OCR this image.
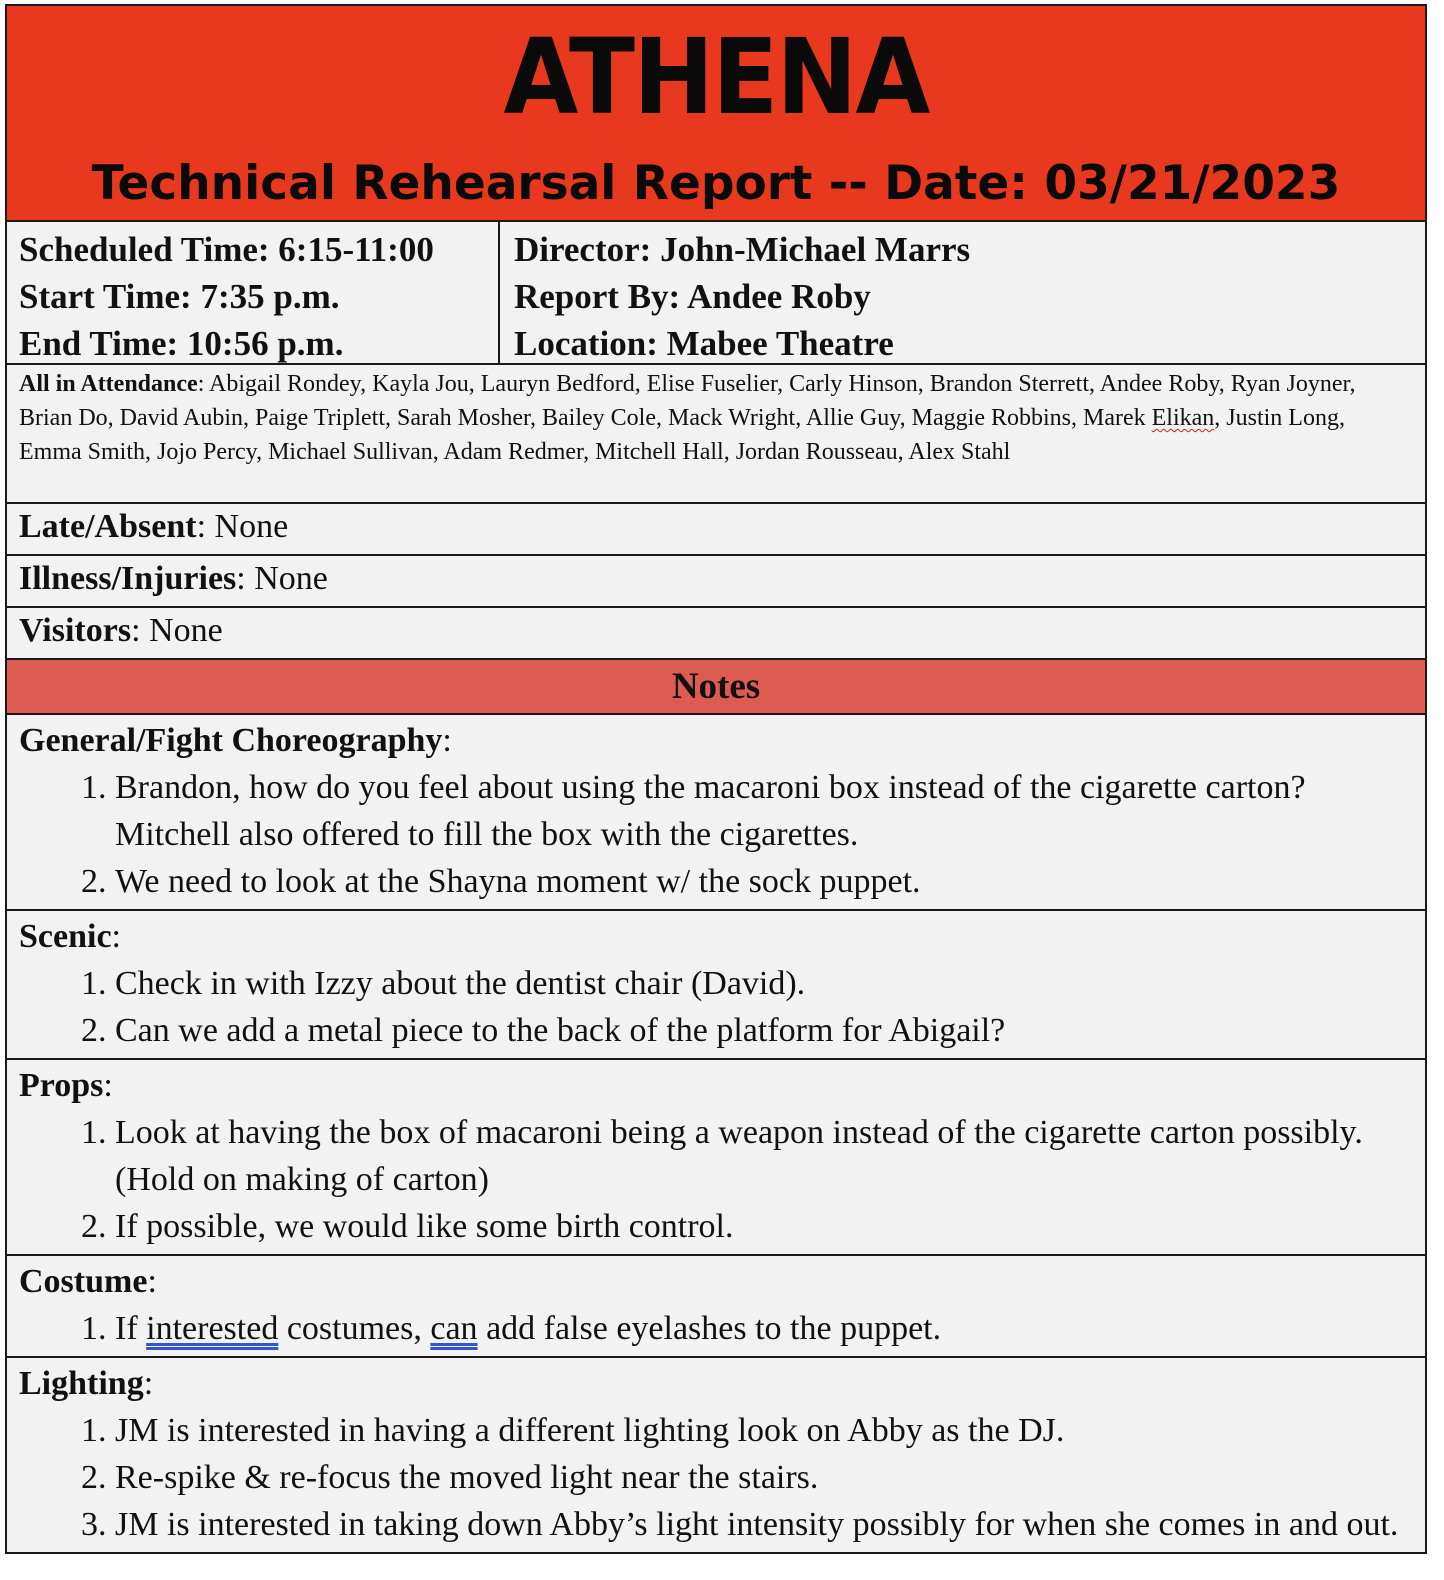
ATHENA
Technical Rehearsal Report -- Date: 03/21/2023
Scheduled Time: 6:15-11:00
Start Time: 7:35 p.m.
End Time: 10:56 p.m.
Director: John-Michael Marrs
Report By: Andee Roby
Location: Mabee Theatre
All in Attendance: Abigail Rondey, Kayla Jou, Lauryn Bedford, Elise Fuselier, Carly Hinson, Brandon Sterrett, Andee Roby, Ryan Joyner, Brian Do, David Aubin, Paige Triplett, Sarah Mosher, Bailey Cole, Mack Wright, Allie Guy, Maggie Robbins, Marek Elikan, Justin Long, Emma Smith, Jojo Percy, Michael Sullivan, Adam Redmer, Mitchell Hall, Jordan Rousseau, Alex Stahl
Late/Absent: None
Illness/Injuries: None
Visitors: None
Notes
General/Fight Choreography:
1. Brandon, how do you feel about using the macaroni box instead of the cigarette carton? Mitchell also offered to fill the box with the cigarettes.
2. We need to look at the Shayna moment w/ the sock puppet.
Scenic:
1. Check in with Izzy about the dentist chair (David).
2. Can we add a metal piece to the back of the platform for Abigail?
Props:
1. Look at having the box of macaroni being a weapon instead of the cigarette carton possibly. (Hold on making of carton)
2. If possible, we would like some birth control.
Costume:
1. If interested costumes, can add false eyelashes to the puppet.
Lighting:
1. JM is interested in having a different lighting look on Abby as the DJ.
2. Re-spike & re-focus the moved light near the stairs.
3. JM is interested in taking down Abby’s light intensity possibly for when she comes in and out.
